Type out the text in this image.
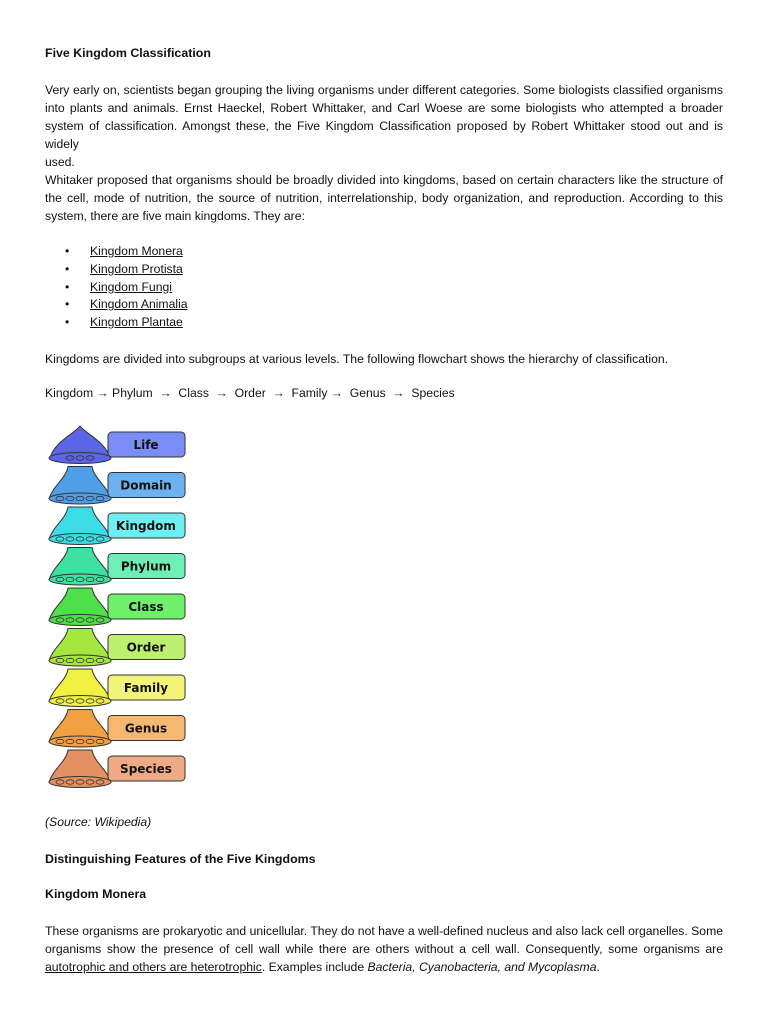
Five Kingdom Classification
Very early on, scientists began grouping the living organisms under different categories. Some biologists classified organisms
into plants and animals. Ernst Haeckel, Robert Whittaker, and Carl Woese are some biologists who attempted a broader
system of classification. Amongst these, the Five Kingdom Classification proposed by Robert Whittaker stood out and is widely
used.
Whitaker proposed that organisms should be broadly divided into kingdoms, based on certain characters like the structure of
the cell, mode of nutrition, the source of nutrition, interrelationship, body organization, and reproduction. According to this
system, there are five main kingdoms. They are:
• Kingdom Monera
• Kingdom Protista
• Kingdom Fungi
• Kingdom Animalia
• Kingdom Plantae
Kingdoms are divided into subgroups at various levels. The following flowchart shows the hierarchy of classification.
Kingdom → Phylum  →  Class  →  Order  →  Family →  Genus  →  Species
(Source: Wikipedia)
Distinguishing Features of the Five Kingdoms
Kingdom Monera
These organisms are prokaryotic and unicellular. They do not have a well-defined nucleus and also lack cell organelles. Some
organisms show the presence of cell wall while there are others without a cell wall. Consequently, some organisms are
autotrophic and others are heterotrophic. Examples include Bacteria, Cyanobacteria, and Mycoplasma.
Species
Genus
Family
Order
Class
Phylum
Kingdom
Domain
Life
